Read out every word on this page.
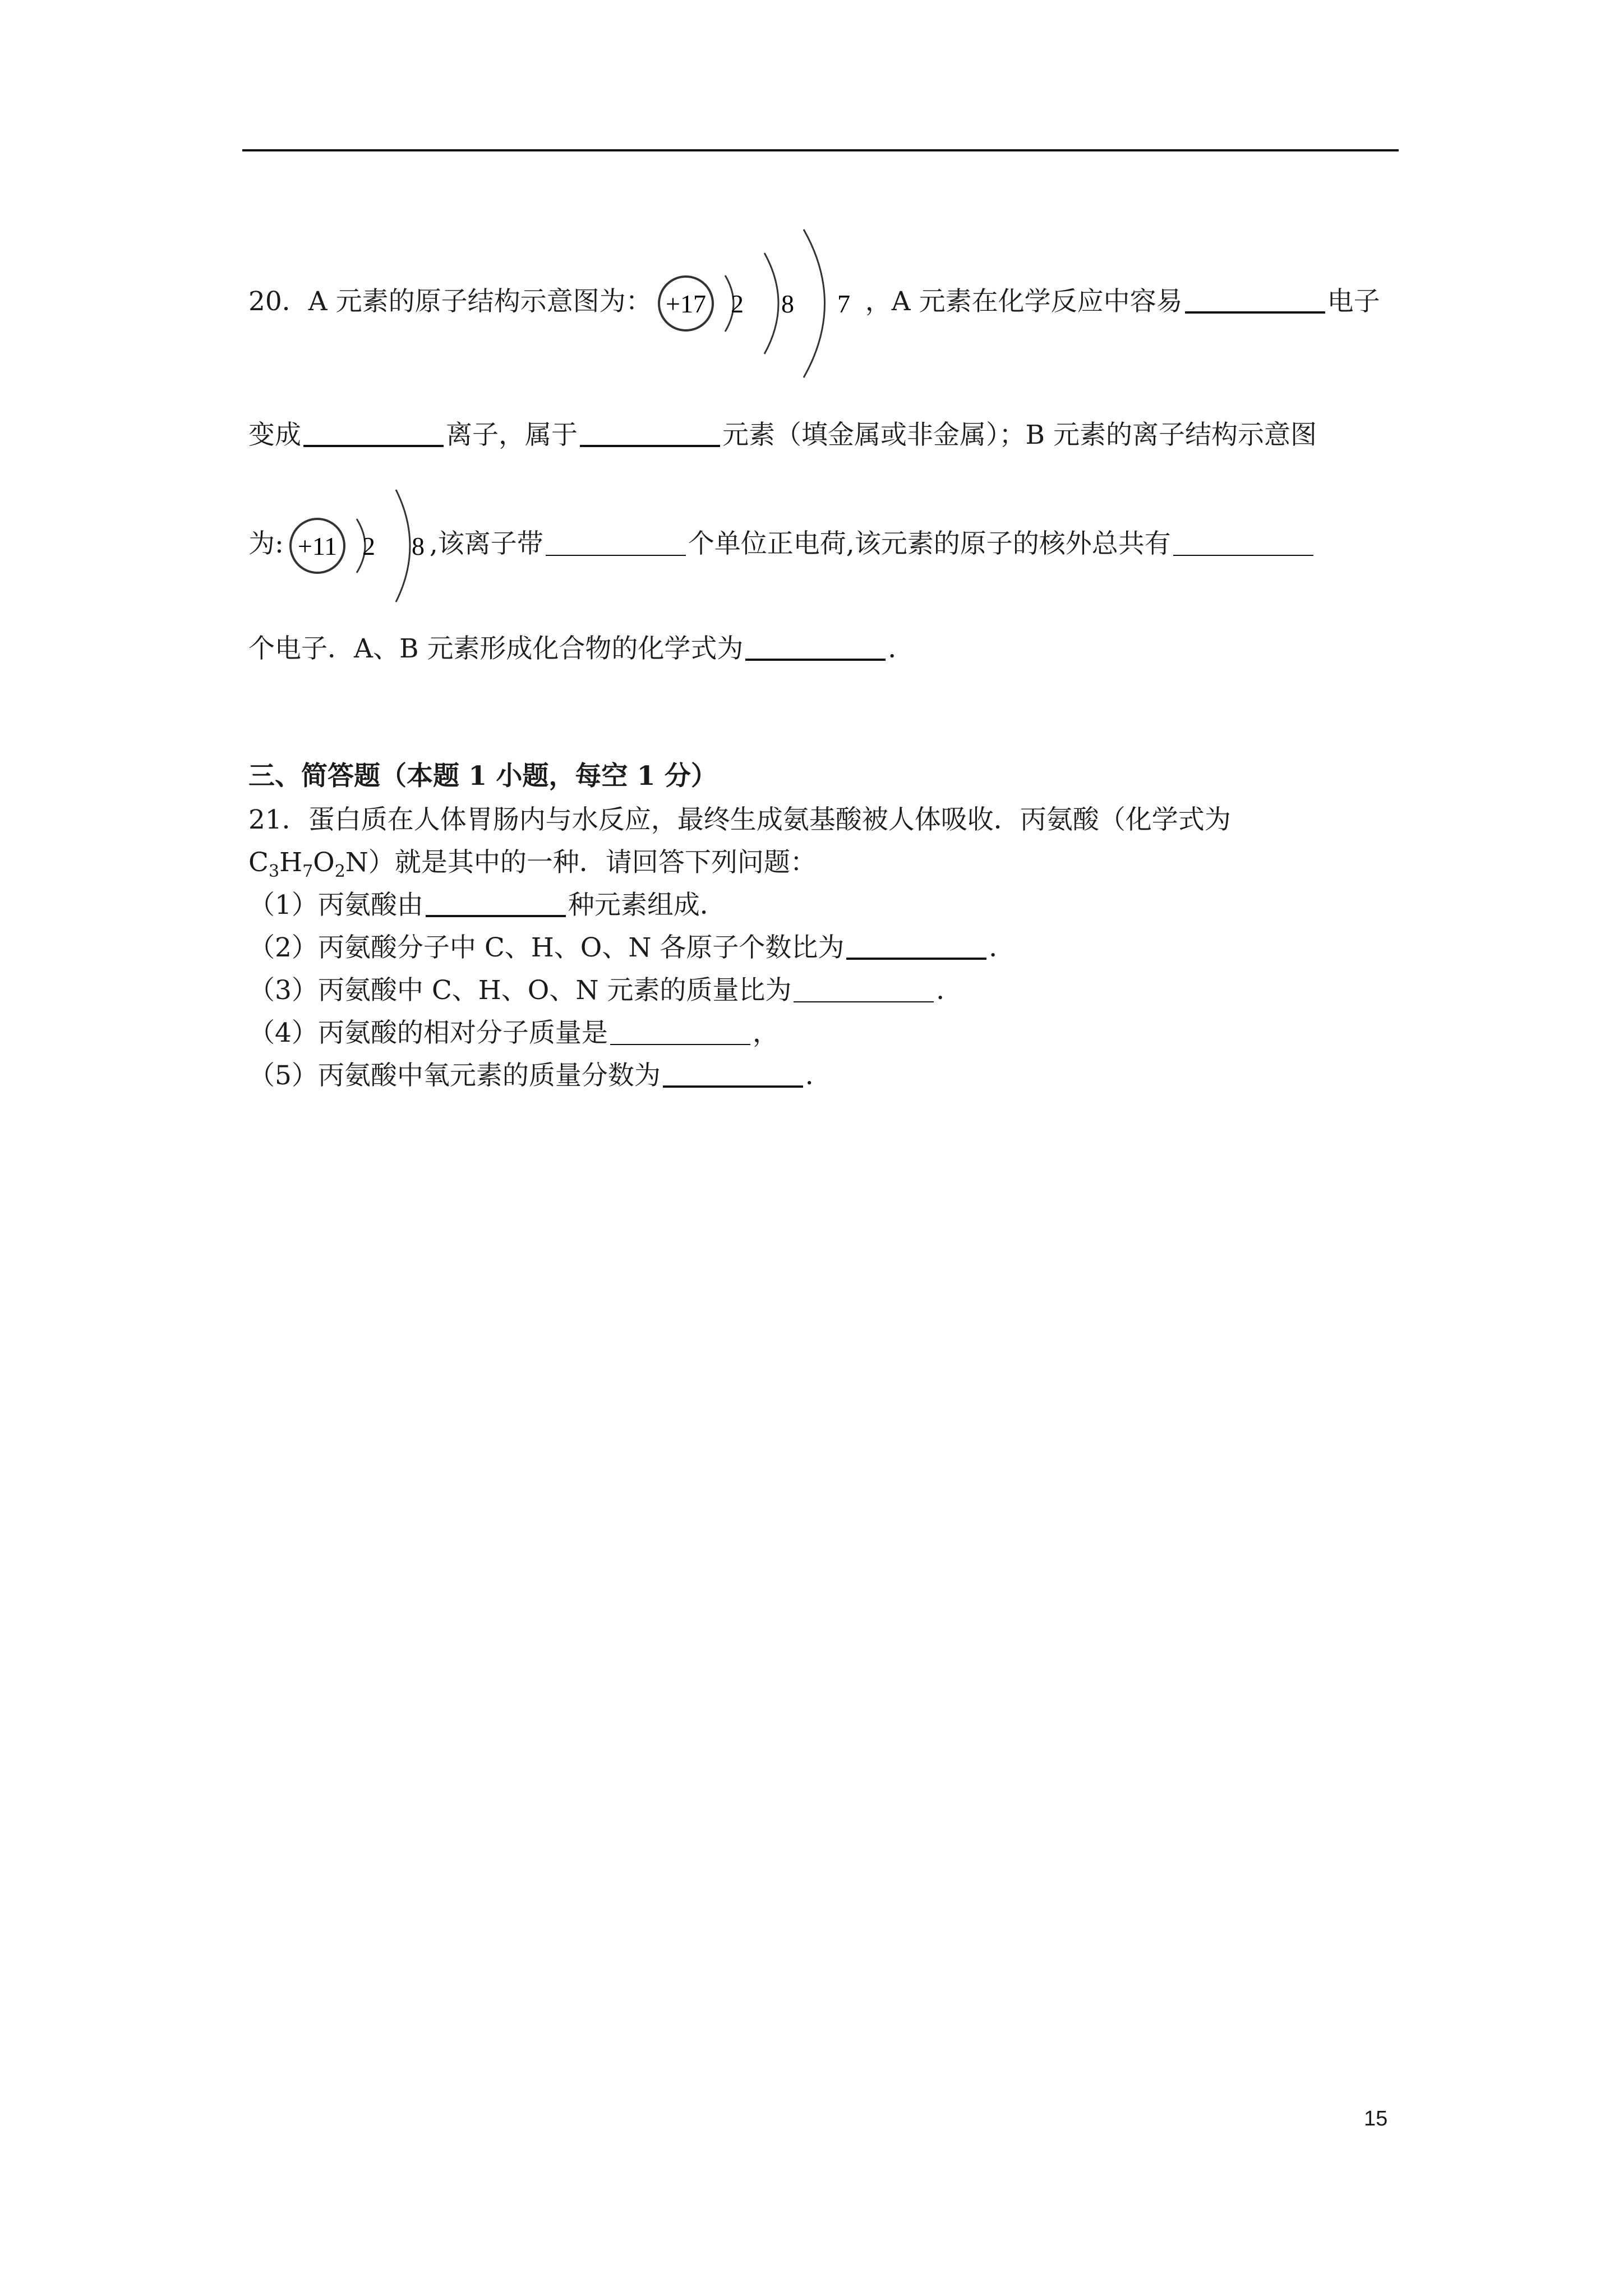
20．A 元素的原子结构示意图为： +17 2 8 7 ，A 元素在化学反应中容易	电子
变成	离子，属于	元素（填金属或非金属）；B 元素的离子结构示意图
为: +11 2 8 ,该离子带	个单位正电荷,该元素的原子的核外总共有
个电子．A、B 元素形成化合物的化学式为	．
三、简答题（本题 1 小题，每空 1 分）
21．蛋白质在人体胃肠内与水反应，最终生成氨基酸被人体吸收．丙氨酸（化学式为
$C_3H_7O_2N$）就是其中的一种．请回答下列问题：
（1）丙氨酸由	种元素组成．
（2）丙氨酸分子中 C、H、O、N 各原子个数比为	．
（3）丙氨酸中 C、H、O、N 元素的质量比为	．
（4）丙氨酸的相对分子质量是	，
（5）丙氨酸中氧元素的质量分数为	．
15
